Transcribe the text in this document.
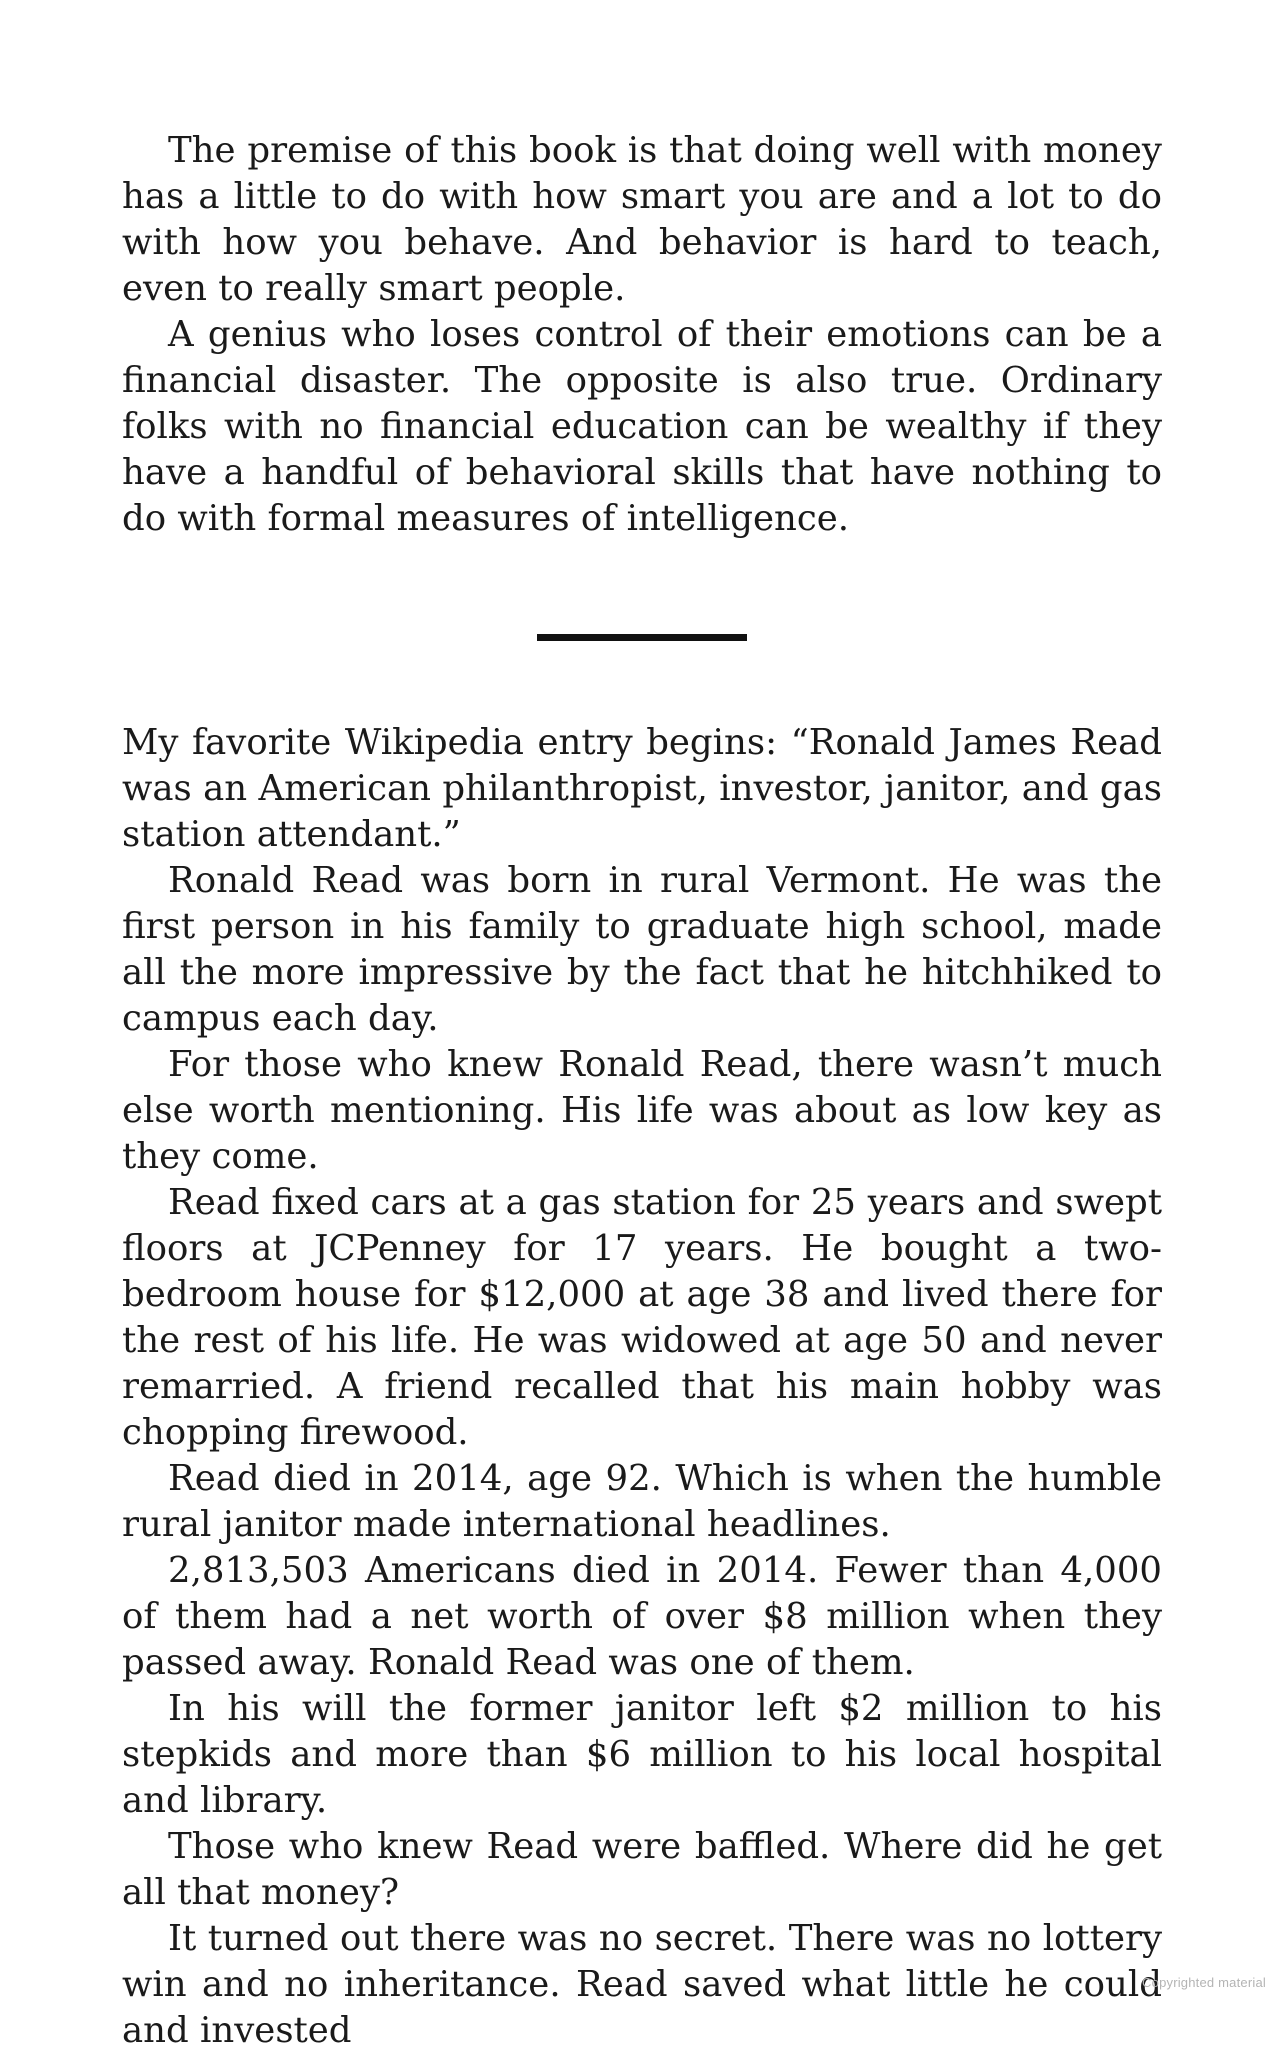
The premise of this book is that doing well with money has a little to do with how smart you are and a lot to do with how you behave. And behavior is hard to teach, even to really smart people.

A genius who loses control of their emotions can be a financial disaster. The opposite is also true. Ordinary folks with no financial education can be wealthy if they have a handful of behavioral skills that have nothing to do with formal measures of intelligence.

My favorite Wikipedia entry begins: “Ronald James Read was an American philanthropist, investor, janitor, and gas station attendant.”

Ronald Read was born in rural Vermont. He was the first person in his family to graduate high school, made all the more impressive by the fact that he hitchhiked to campus each day.

For those who knew Ronald Read, there wasn’t much else worth mentioning. His life was about as low key as they come.

Read fixed cars at a gas station for 25 years and swept floors at JCPenney for 17 years. He bought a two-bedroom house for $12,000 at age 38 and lived there for the rest of his life. He was widowed at age 50 and never remarried. A friend recalled that his main hobby was chopping firewood.

Read died in 2014, age 92. Which is when the humble rural janitor made international headlines.

2,813,503 Americans died in 2014. Fewer than 4,000 of them had a net worth of over $8 million when they passed away. Ronald Read was one of them.

In his will the former janitor left $2 million to his stepkids and more than $6 million to his local hospital and library.

Those who knew Read were baffled. Where did he get all that money?

It turned out there was no secret. There was no lottery win and no inheritance. Read saved what little he could and invested

Copyrighted material
